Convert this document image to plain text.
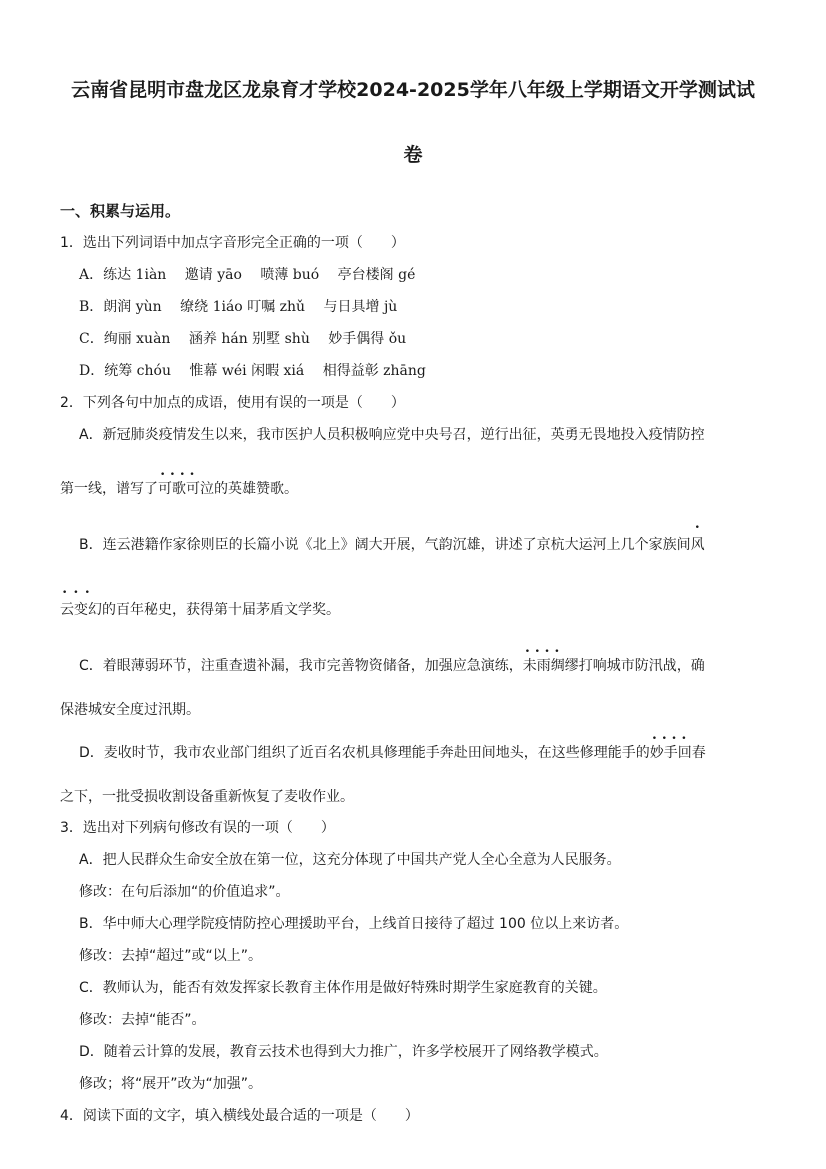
云南省昆明市盘龙区龙泉育才学校2024-2025学年八年级上学期语文开学测试试
卷
一、积累与运用。
1．选出下列词语中加点字音形完全正确的一项（　　）
A．练达 1iàn　 邀请 yāo　 喷薄 buó　 亭台楼阁 gé
B．朗润 yùn　 缭绕 1iáo 叮嘱 zhǔ　 与日具增 jù
C．绚丽 xuàn　 涵养 hán 别墅 shù　 妙手偶得 ǒu
D．统筹 chóu　 惟幕 wéi 闲暇 xiá　 相得益彰 zhāng
2．下列各句中加点的成语，使用有误的一项是（　　）
A．新冠肺炎疫情发生以来，我市医护人员积极响应党中央号召，逆行出征，英勇无畏地投入疫情防控
第一线，谱写了• • • • 可歌可泣的英雄赞歌。
B．连云港籍作家徐则臣的长篇小说《北上》阔大开展，气韵沉雄，讲述了京杭大运河上几个家族间
•
风
•••
云变幻的百年秘史，获得第十届茅盾文学奖。
C．着眼薄弱环节，注重查遗补漏，我市完善物资储备，加强应急演练，• • • • 未雨绸缪打响城市防汛战，确
保港城安全度过汛期。
D．麦收时节，我市农业部门组织了近百名农机具修理能手奔赴田间地头，在这些修理能手的• • • • 妙手回春
之下，一批受损收割设备重新恢复了麦收作业。
3．选出对下列病句修改有误的一项（　　）
A．把人民群众生命安全放在第一位，这充分体现了中国共产党人全心全意为人民服务。
修改：在句后添加“的价值追求”。
B．华中师大心理学院疫情防控心理援助平台，上线首日接待了超过 100 位以上来访者。
修改：去掉“超过”或“以上”。
C．教师认为，能否有效发挥家长教育主体作用是做好特殊时期学生家庭教育的关键。
修改：去掉“能否”。
D．随着云计算的发展，教育云技术也得到大力推广，许多学校展开了网络教学模式。
修改；将“展开”改为“加强”。
4．阅读下面的文字，填入横线处最合适的一项是（　　）
